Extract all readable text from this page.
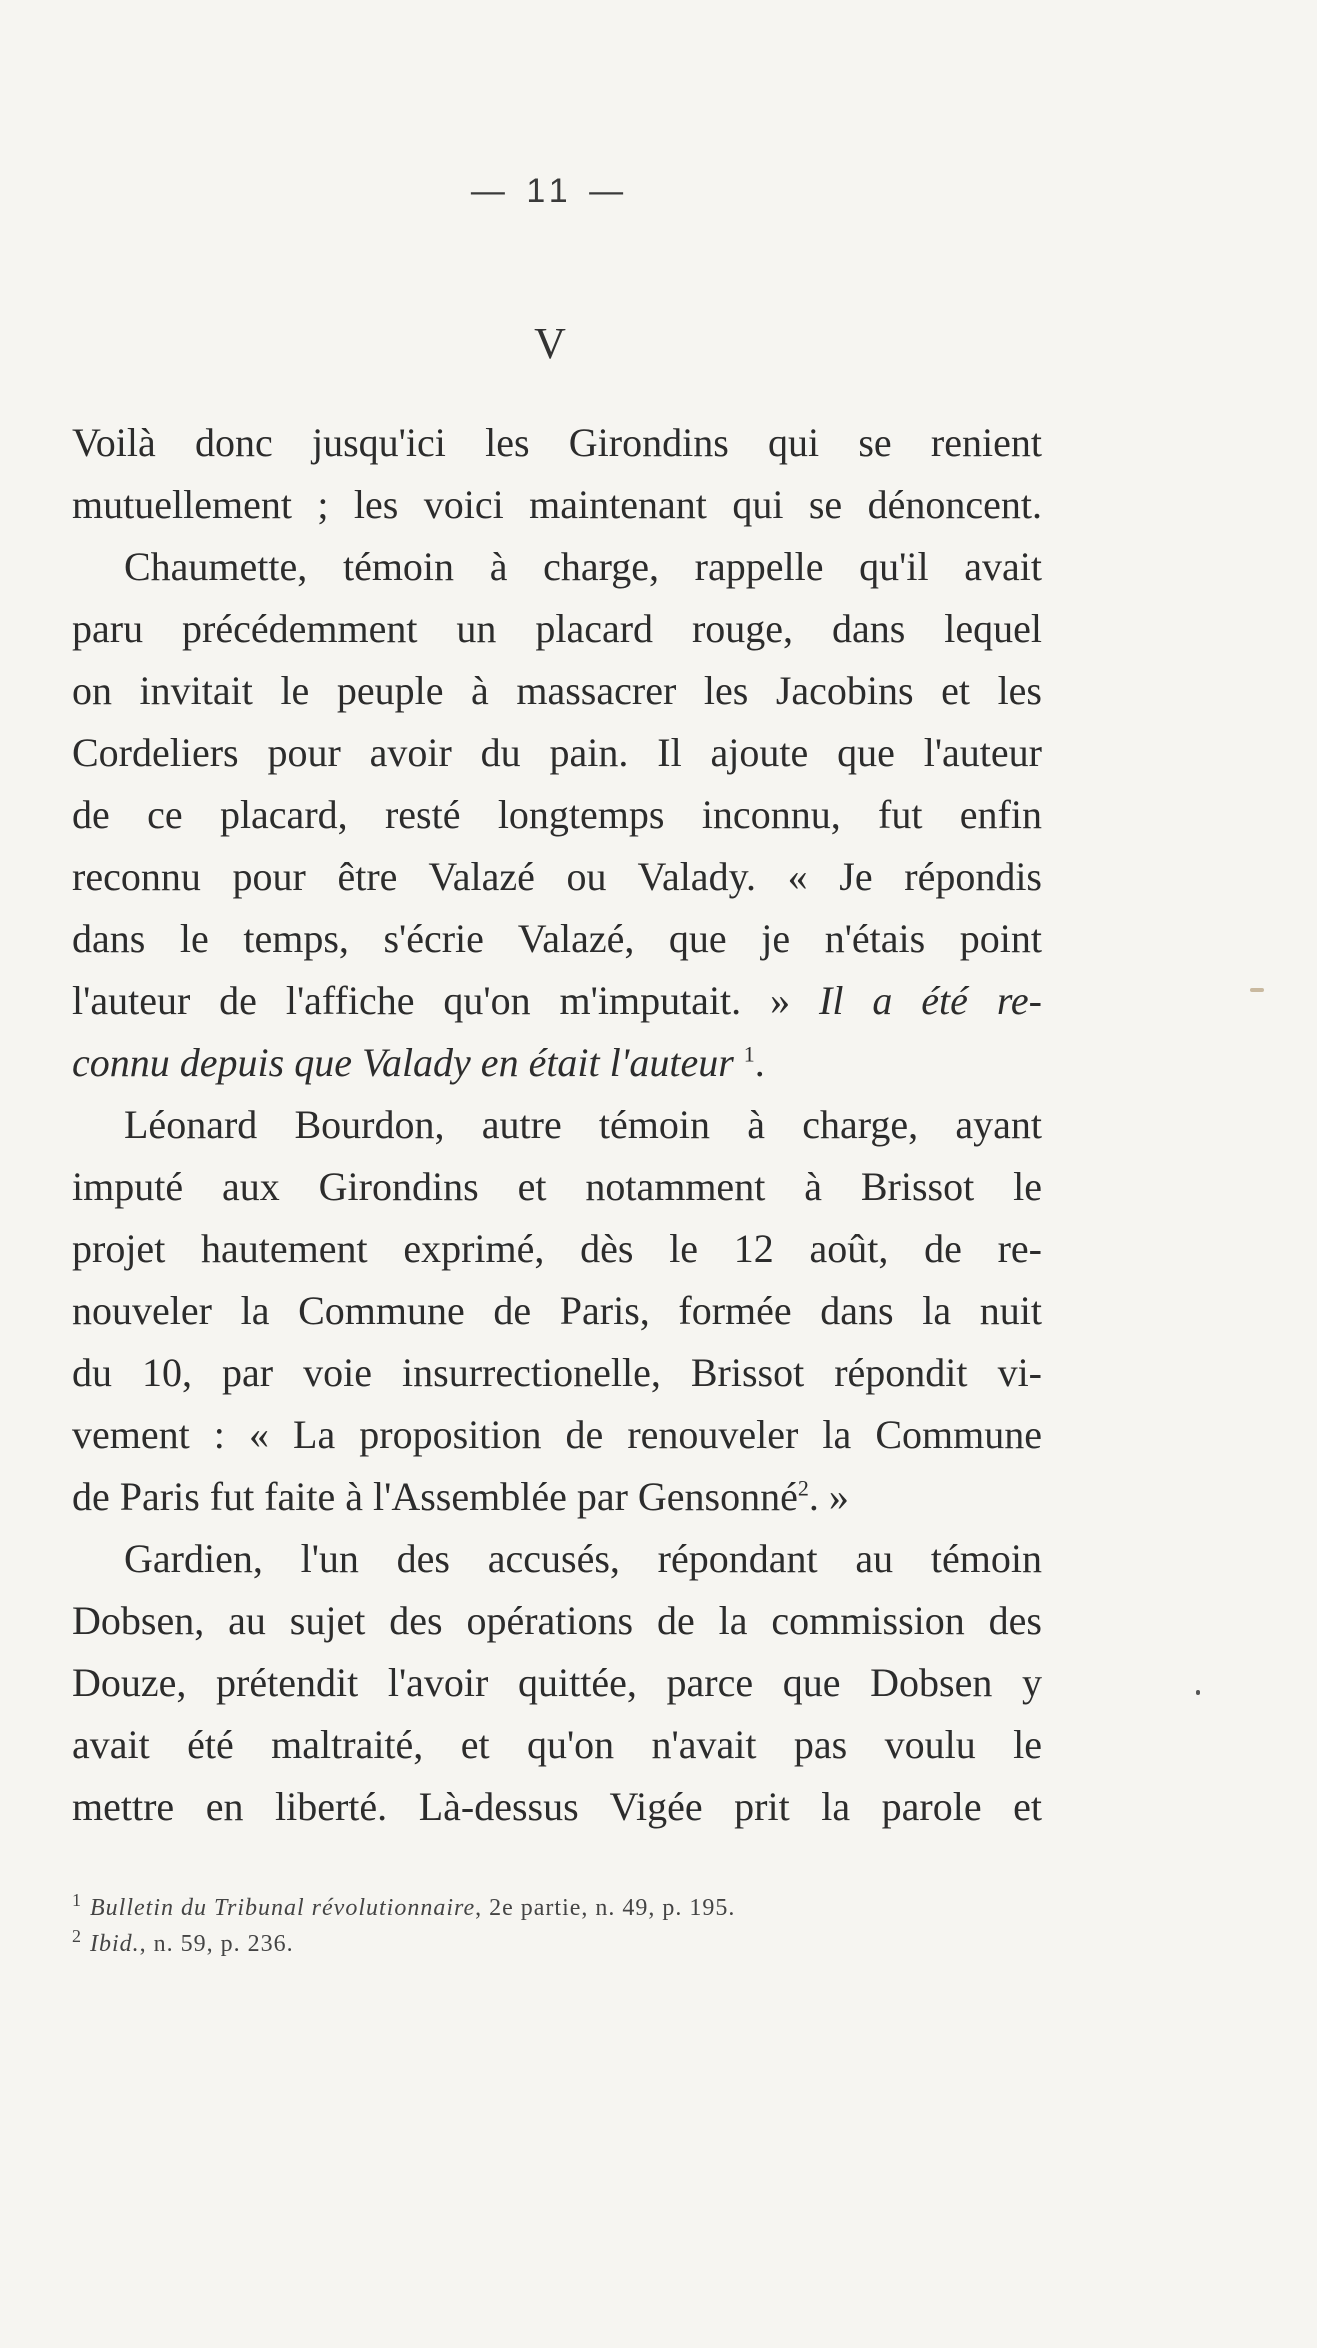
— 11 —
V
Voilà donc jusqu'ici les Girondins qui se renient
mutuellement ; les voici maintenant qui se dénoncent.
Chaumette, témoin à charge, rappelle qu'il avait
paru précédemment un placard rouge, dans lequel
on invitait le peuple à massacrer les Jacobins et les
Cordeliers pour avoir du pain. Il ajoute que l'auteur
de ce placard, resté longtemps inconnu, fut enfin
reconnu pour être Valazé ou Valady. « Je répondis
dans le temps, s'écrie Valazé, que je n'étais point
l'auteur de l'affiche qu'on m'imputait. » Il a été re-
connu depuis que Valady en était l'auteur $^1$.
Léonard Bourdon, autre témoin à charge, ayant
imputé aux Girondins et notamment à Brissot le
projet hautement exprimé, dès le 12 août, de re-
nouveler la Commune de Paris, formée dans la nuit
du 10, par voie insurrectionelle, Brissot répondit vi-
vement : « La proposition de renouveler la Commune
de Paris fut faite à l'Assemblée par Gensonné$^2$. »
Gardien, l'un des accusés, répondant au témoin
Dobsen, au sujet des opérations de la commission des
Douze, prétendit l'avoir quittée, parce que Dobsen y
avait été maltraité, et qu'on n'avait pas voulu le
mettre en liberté. Là-dessus Vigée prit la parole et
$^1$ Bulletin du Tribunal révolutionnaire, 2e partie, n. 49, p. 195.
$^2$ Ibid., n. 59, p. 236.
